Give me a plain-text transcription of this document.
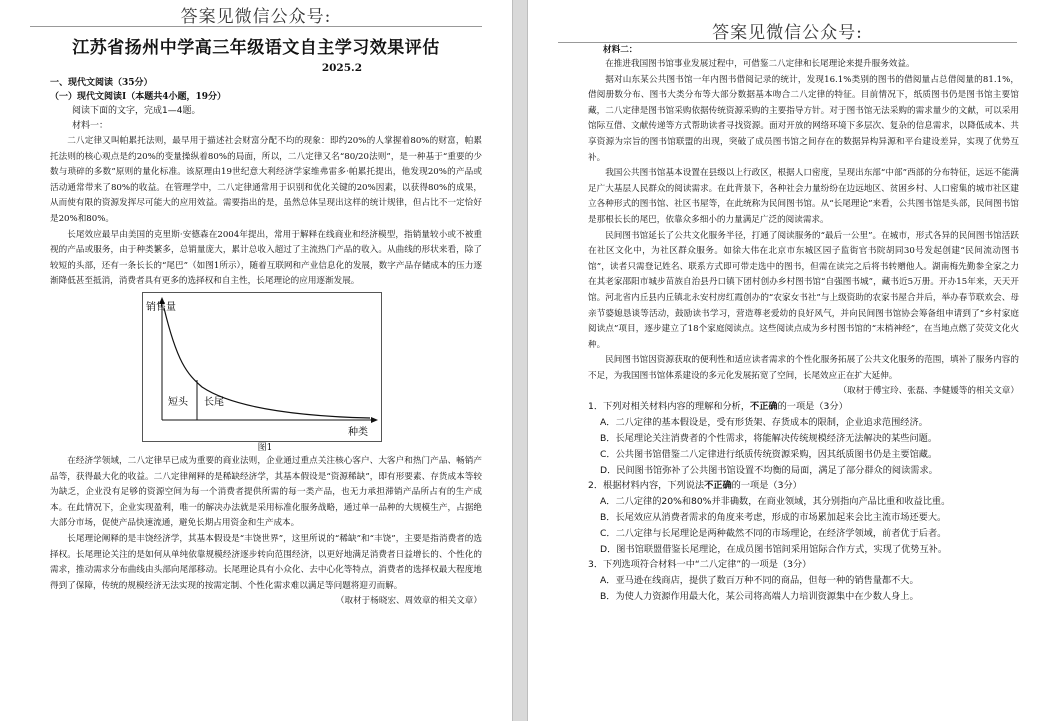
答案见微信公众号:
江苏省扬州中学高三年级语文自主学习效果评估
2025.2
一、现代文阅读（35分）
（一）现代文阅读Ⅰ（本题共4小题，19分）
阅读下面的文字，完成1—4题。
材料一：

二八定律又叫帕累托法则，最早用于描述社会财富分配不均的现象：即约20%的人掌握着80%的财富，帕累托法则的核心观点是约20%的变量操纵着80%的局面，所以，二八定律又名“80/20法则”，是一种基于“重要的少数与琐碎的多数”原则的量化标准。该原理由19世纪意大利经济学家维弗雷多·帕累托提出，他发现20%的产品或活动通常带来了80%的收益。在管理学中，二八定律通常用于识别和优化关键的20%因素，以获得80%的成果，从而使有限的资源发挥尽可能大的应用效益。需要指出的是，虽然总体呈现出这样的统计规律，但占比不一定恰好是20%和80%。

长尾效应最早由美国的克里斯·安德森在2004年提出，常用于解释在线商业和经济模型，指销量较小或不被重视的产品或服务，由于种类繁多，总销量庞大，累计总收入超过了主流热门产品的收入。从曲线的形状来看，除了较短的头部，还有一条长长的“尾巴”（如图1所示），随着互联网和产业信息化的发展，数字产品存储成本的压力逐渐降低甚至抵消，消费者具有更多的选择权和自主性，长尾理论的应用逐渐发展。

销售量
短头 长尾
种类
图1

在经济学领域，二八定律早已成为重要的商业法则，企业通过重点关注核心客户、大客户和热门产品、畅销产品等，获得最大化的收益。二八定律阐释的是稀缺经济学，其基本假设是“资源稀缺”，即有形要素、存货成本等较为缺乏，企业没有足够的资源空间为每一个消费者提供所需的每一类产品，也无力承担滞销产品所占有的生产成本。在此情况下，企业实现盈利，唯一的解决办法就是采用标准化服务战略，通过单一品种的大规模生产，占据绝大部分市场，促使产品快速流通，避免长期占用资金和生产成本。

长尾理论阐释的是丰饶经济学，其基本假设是“丰饶世界”，这里所说的“稀缺”和“丰饶”，主要是指消费者的选择权。长尾理论关注的是如何从单纯依靠规模经济逐步转向范围经济，以更好地满足消费者日益增长的、个性化的需求，推动需求分布曲线由头部向尾部移动。长尾理论具有小众化、去中心化等特点，消费者的选择权最大程度地得到了保障，传统的规模经济无法实现的按需定制、个性化需求难以满足等问题将迎刃而解。

（取材于杨晓宏、周效章的相关文章）
答案见微信公众号:
材料二：

在推进我国图书馆事业发展过程中，可借鉴二八定律和长尾理论来提升服务效益。

据对山东某公共图书馆一年内图书借阅记录的统计，发现16.1%类别的图书的借阅量占总借阅量的81.1%，借阅册数分布、图书大类分布等大部分数据基本吻合二八定律的特征。目前情况下，纸质图书仍是图书馆主要馆藏，二八定律是图书馆采购依据传统资源采购的主要指导方针。对于图书馆无法采购的需求量少的文献，可以采用馆际互借、文献传递等方式帮助读者寻找资源。面对开放的网络环境下多层次、复杂的信息需求，以降低成本、共享资源为宗旨的图书馆联盟的出现，突破了成员图书馆之间存在的数据异构异源和平台建设差异，实现了优势互补。

我国公共图书馆基本设置在县级以上行政区，根据人口密度，呈现出东部“中部”西部的分布特征，远远不能满足广大基层人民群众的阅读需求。在此背景下，各种社会力量纷纷在边远地区、贫困乡村、人口密集的城市社区建立各种形式的图书馆、社区书屋等，在此统称为民间图书馆。从“长尾理论”来看，公共图书馆是头部，民间图书馆是那根长长的尾巴，依靠众多细小的力量满足广泛的阅读需求。

民间图书馆延长了公共文化服务半径，打通了阅读服务的“最后一公里”。在城市，形式各异的民间图书馆活跃在社区文化中，为社区群众服务。如徐大伟在北京市东城区园子监街官书院胡同30号发起创建“民间流动图书馆”，读者只需登记姓名、联系方式即可带走选中的图书，但需在读完之后将书转赠他人。湖南梅先勤参全家之力在其老家邵阳市城步苗族自治县丹口镇下团村创办乡村图书馆“自强图书城”，藏书近5万册。开办15年来，天天开馆。河北省内丘县内丘镇北永安村房红霞创办的“农家女书社”与上级资助的农家书屋合并后，举办春节联欢会、母亲节婆媳恳谈等活动，鼓励读书学习，营造尊老爱幼的良好风气，并向民间图书馆协会筹备组申请到了“乡村家庭阅读点”项目，逐步建立了18个家庭阅读点。这些阅读点成为乡村图书馆的“末梢神经”，在当地点燃了荧荧文化火种。

民间图书馆因资源获取的便利性和适应读者需求的个性化服务拓展了公共文化服务的范围，填补了服务内容的不足，为我国图书馆体系建设的多元化发展拓宽了空间，长尾效应正在扩大延伸。

（取材于傅宝玲、张磊、李健媛等的相关文章）
1．下列对相关材料内容的理解和分析，不正确的一项是（3分）
A．二八定律的基本假设是，受有形货架、存货成本的限制，企业追求范围经济。
B．长尾理论关注消费者的个性需求，将能解决传统规模经济无法解决的某些问题。
C．公共图书馆借鉴二八定律进行纸质传统资源采购，因其纸质图书仍是主要馆藏。
D．民间图书馆弥补了公共图书馆设置不均衡的局面，满足了部分群众的阅读需求。
2．根据材料内容，下列说法不正确的一项是（3分）
A．二八定律的20%和80%并非确数，在商业领域，其分别指向产品比重和收益比重。
B．长尾效应从消费者需求的角度来考虑，形成的市场累加起来会比主流市场还要大。
C．二八定律与长尾理论是两种截然不同的市场理论，在经济学领域，前者优于后者。
D．图书馆联盟借鉴长尾理论，在成员图书馆间采用馆际合作方式，实现了优势互补。
3．下列选项符合材料一中“二八定律”的一项是（3分）
A．亚马逊在线商店，提供了数百万种不同的商品，但每一种的销售量都不大。
B．为使人力资源作用最大化，某公司将高端人力培训资源集中在少数人身上。
